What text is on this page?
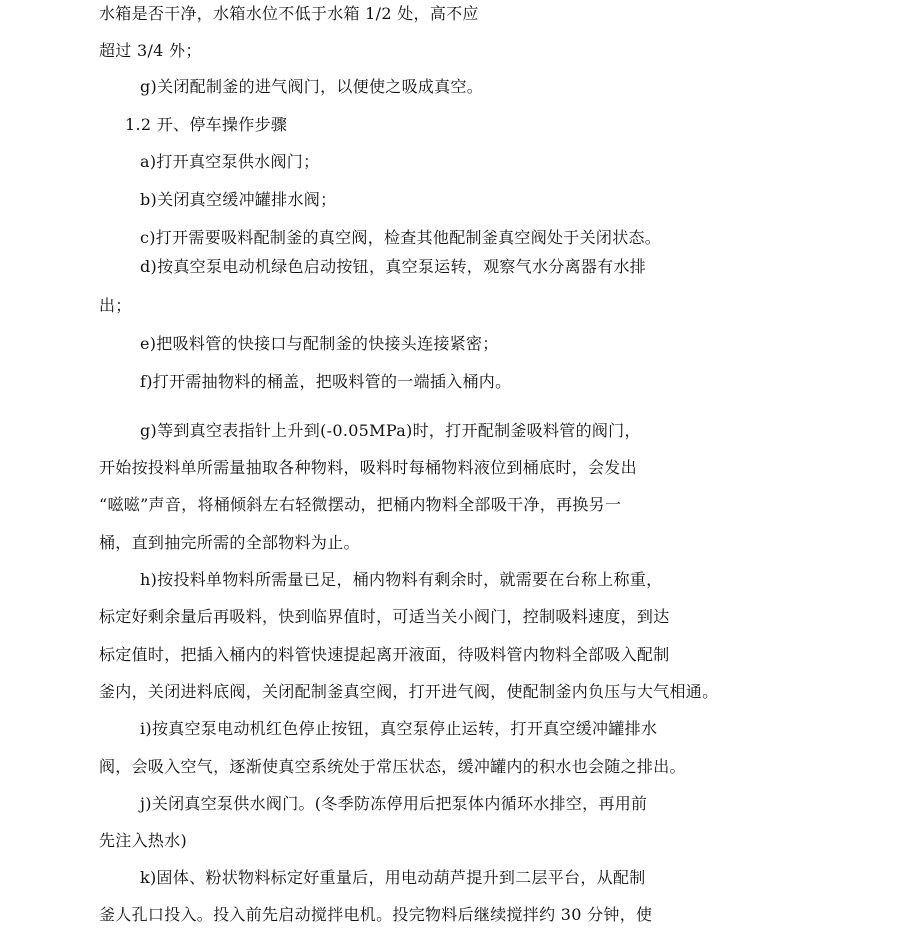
水箱是否干净，水箱水位不低于水箱 1/2 处，高不应
超过 3/4 外；
g)关闭配制釜的进气阀门，以便使之吸成真空。
1.2 开、停车操作步骤
a)打开真空泵供水阀门；
b)关闭真空缓冲罐排水阀；
c)打开需要吸料配制釜的真空阀，检查其他配制釜真空阀处于关闭状态。
d)按真空泵电动机绿色启动按钮，真空泵运转，观察气水分离器有水排
出；
e)把吸料管的快接口与配制釜的快接头连接紧密；
f)打开需抽物料的桶盖，把吸料管的一端插入桶内。
g)等到真空表指针上升到(-0.05MPa)时，打开配制釜吸料管的阀门，
开始按投料单所需量抽取各种物料，吸料时每桶物料液位到桶底时，会发出
“嗞嗞”声音，将桶倾斜左右轻微摆动，把桶内物料全部吸干净，再换另一
桶，直到抽完所需的全部物料为止。
h)按投料单物料所需量已足，桶内物料有剩余时，就需要在台称上称重，
标定好剩余量后再吸料，快到临界值时，可适当关小阀门，控制吸料速度，到达
标定值时，把插入桶内的料管快速提起离开液面，待吸料管内物料全部吸入配制
釜内，关闭进料底阀，关闭配制釜真空阀，打开进气阀，使配制釜内负压与大气相通。
i)按真空泵电动机红色停止按钮，真空泵停止运转，打开真空缓冲罐排水
阀，会吸入空气，逐渐使真空系统处于常压状态，缓冲罐内的积水也会随之排出。
j)关闭真空泵供水阀门。(冬季防冻停用后把泵体内循环水排空，再用前
先注入热水)
k)固体、粉状物料标定好重量后，用电动葫芦提升到二层平台，从配制
釜人孔口投入。投入前先启动搅拌电机。投完物料后继续搅拌约 30 分钟，使
